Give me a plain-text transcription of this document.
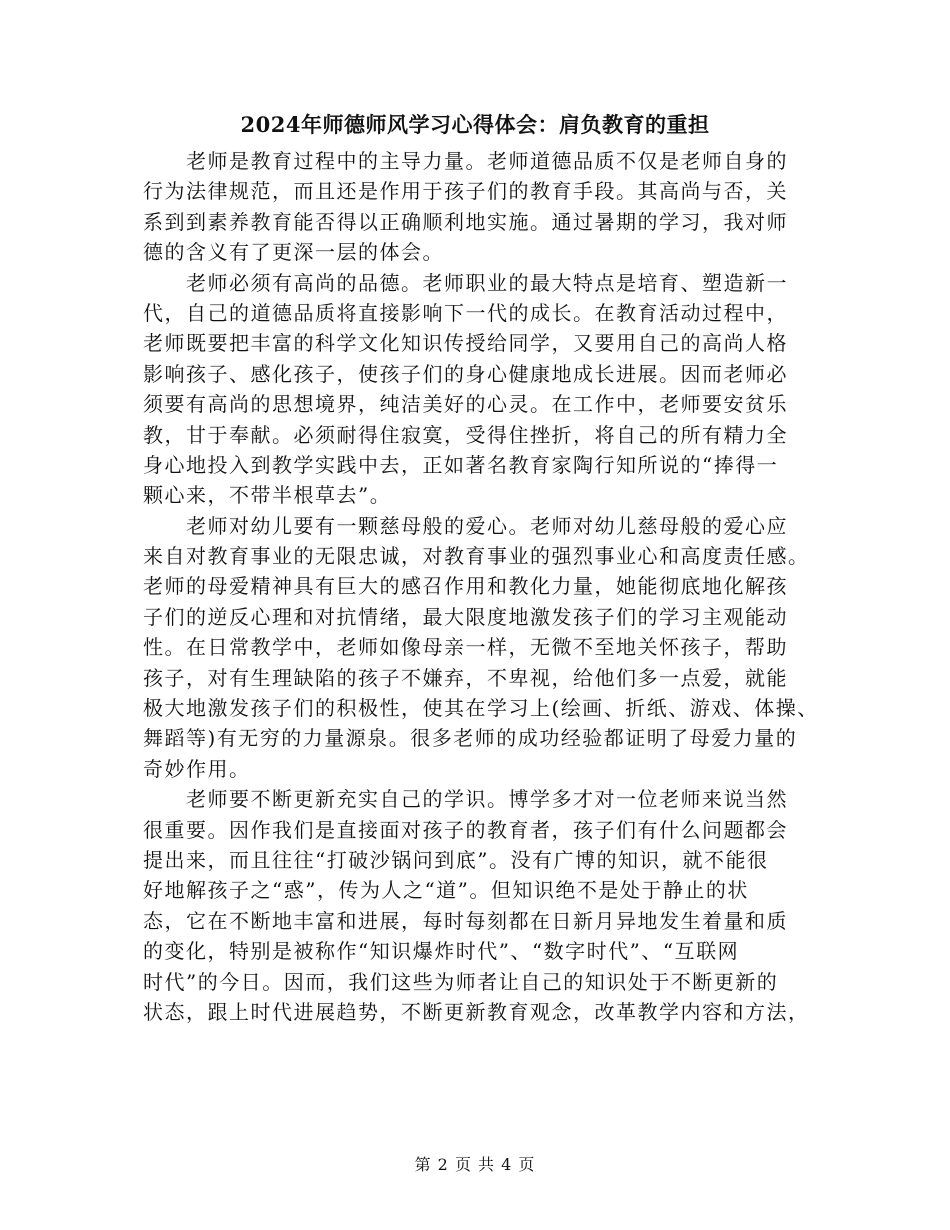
2024年师德师风学习心得体会：肩负教育的重担
老师是教育过程中的主导力量。老师道德品质不仅是老师自身的
行为法律规范，而且还是作用于孩子们的教育手段。其高尚与否，关
系到到素养教育能否得以正确顺利地实施。通过暑期的学习，我对师
德的含义有了更深一层的体会。
老师必须有高尚的品德。老师职业的最大特点是培育、塑造新一
代，自己的道德品质将直接影响下一代的成长。在教育活动过程中，
老师既要把丰富的科学文化知识传授给同学，又要用自己的高尚人格
影响孩子、感化孩子，使孩子们的身心健康地成长进展。因而老师必
须要有高尚的思想境界，纯洁美好的心灵。在工作中，老师要安贫乐
教，甘于奉献。必须耐得住寂寞，受得住挫折，将自己的所有精力全
身心地投入到教学实践中去，正如著名教育家陶行知所说的“捧得一
颗心来，不带半根草去”。
老师对幼儿要有一颗慈母般的爱心。老师对幼儿慈母般的爱心应
来自对教育事业的无限忠诚，对教育事业的强烈事业心和高度责任感。
老师的母爱精神具有巨大的感召作用和教化力量，她能彻底地化解孩
子们的逆反心理和对抗情绪，最大限度地激发孩子们的学习主观能动
性。在日常教学中，老师如像母亲一样，无微不至地关怀孩子，帮助
孩子，对有生理缺陷的孩子不嫌弃，不卑视，给他们多一点爱，就能
极大地激发孩子们的积极性，使其在学习上(绘画、折纸、游戏、体操、
舞蹈等)有无穷的力量源泉。很多老师的成功经验都证明了母爱力量的
奇妙作用。
老师要不断更新充实自己的学识。博学多才对一位老师来说当然
很重要。因作我们是直接面对孩子的教育者，孩子们有什么问题都会
提出来，而且往往“打破沙锅问到底”。没有广博的知识，就不能很
好地解孩子之“惑”，传为人之“道”。但知识绝不是处于静止的状
态，它在不断地丰富和进展，每时每刻都在日新月异地发生着量和质
的变化，特别是被称作“知识爆炸时代”、“数字时代”、“互联网
时代”的今日。因而，我们这些为师者让自己的知识处于不断更新的
状态，跟上时代进展趋势，不断更新教育观念，改革教学内容和方法，
第 2 页 共 4 页
